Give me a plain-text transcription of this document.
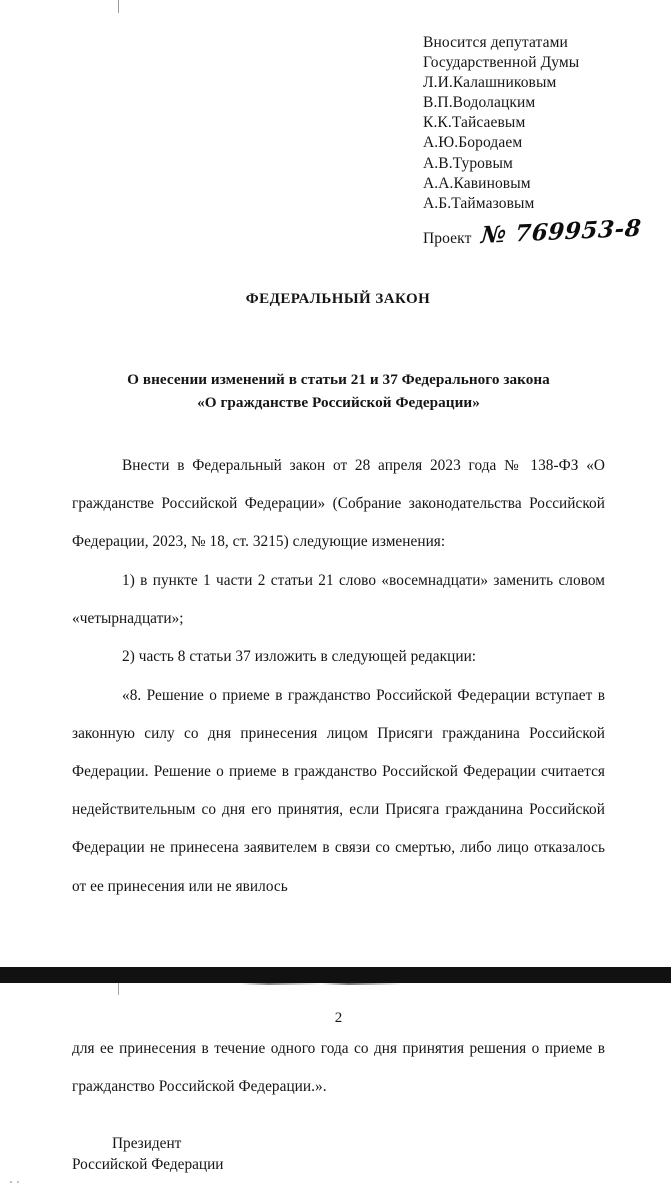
Вносится депутатами
Государственной Думы
Л.И.Калашниковым
В.П.Водолацким
К.К.Тайсаевым
А.Ю.Бородаем
А.В.Туровым
А.А.Кавиновым
А.Б.Таймазовым
Проект № 769953-8
ФЕДЕРАЛЬНЫЙ ЗАКОН
О внесении изменений в статьи 21 и 37 Федерального закона
«О гражданстве Российской Федерации»

Внести в Федеральный закон от 28 апреля 2023 года № 138-ФЗ «О гражданстве Российской Федерации» (Собрание законодательства Российской Федерации, 2023, № 18, ст. 3215) следующие изменения:

1) в пункте 1 части 2 статьи 21 слово «восемнадцати» заменить словом «четырнадцати»;

2) часть 8 статьи 37 изложить в следующей редакции:

«8. Решение о приеме в гражданство Российской Федерации вступает в законную силу со дня принесения лицом Присяги гражданина Российской Федерации. Решение о приеме в гражданство Российской Федерации считается недействительным со дня его принятия, если Присяга гражданина Российской Федерации не принесена заявителем в связи со смертью, либо лицо отказалось от ее принесения или не явилось

2

для ее принесения в течение одного года со дня принятия решения о приеме в гражданство Российской Федерации.».

Президент
Российской Федерации
